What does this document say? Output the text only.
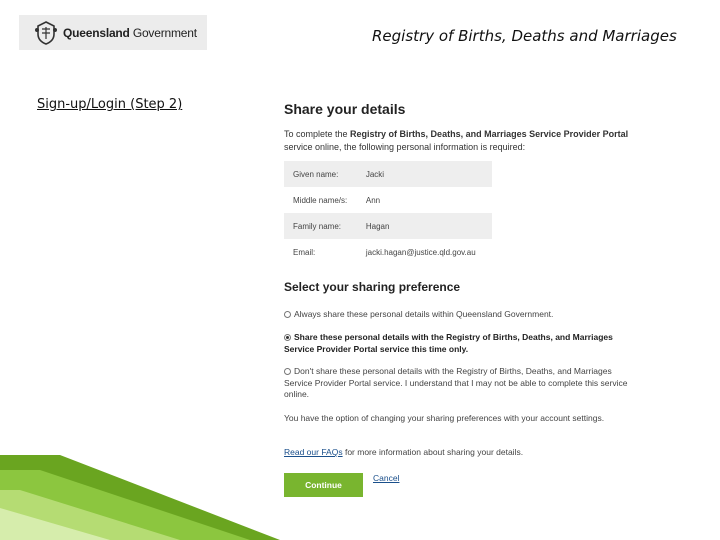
Queensland Government	Registry of Births, Deaths and Marriages
Sign-up/Login (Step 2)	Share your details
To complete the Registry of Births, Deaths, and Marriages Service Provider Portal service online, the following personal information is required:
Given name:	Jacki
Middle name/s:	Ann
Family name:	Hagan
Email:	jacki.hagan@justice.qld.gov.au
Select your sharing preference
Always share these personal details within Queensland Government.
Share these personal details with the Registry of Births, Deaths, and Marriages Service Provider Portal service this time only.
Don't share these personal details with the Registry of Births, Deaths, and Marriages Service Provider Portal service. I understand that I may not be able to complete this service online.
You have the option of changing your sharing preferences with your account settings.
Read our FAQs for more information about sharing your details.
Continue
Cancel
